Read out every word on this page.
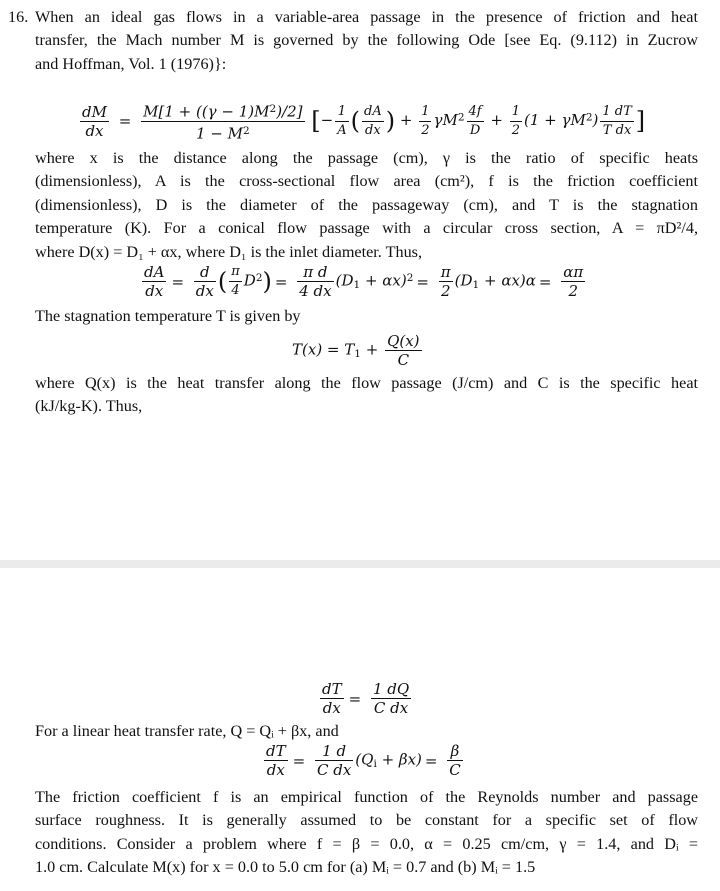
16. When an ideal gas flows in a variable-area passage in the presence of friction and heat
transfer, the Mach number M is governed by the following Ode [see Eq. (9.112) in Zucrow
and Hoffman, Vol. 1 (1976)}:
$\frac{dM}{dx} = \frac{M[1 + ((\gamma - 1)M^2)/2]}{1 - M^2}$ [− $\frac{1}{A}$ ( $\frac{dA}{dx}$ ) + $\frac{1}{2} \gamma M^2 \frac{4f}{D} + \frac{1}{2} (1 + \gamma M^2) \frac{1 dT}{\text{T dx}}$ ]
where x is the distance along the passage (cm), γ is the ratio of specific heats
(dimensionless), A is the cross-sectional flow area (cm²), f is the friction coefficient
(dimensionless), D is the diameter of the passageway (cm), and T is the stagnation
temperature (K). For a conical flow passage with a circular cross section, A = πD²/4,
where D(x) = D₁ + αx, where D₁ is the inlet diameter. Thus,
$\frac{dA}{dx} = \frac{d}{dx}$ ( $\frac{\pi}{4} D^2) = \frac{\text{π d}}{4 dx} (D_1 + \alpha x)^2 = \frac{\pi}{2} (D_1 + \alpha x)\alpha = \frac{\alpha\pi}{2}$
The stagnation temperature T is given by
$T(x) = T_1 + \frac{Q(x)}{C}$
where Q(x) is the heat transfer along the flow passage (J/cm) and C is the specific heat
(kJ/kg-K). Thus,
$\frac{dT}{dx} = \frac{1 dQ}{\text{C dx}}$
For a linear heat transfer rate, Q = Qᵢ + βx, and
$\frac{dT}{dx} = \frac{1 d}{\text{C dx}} (Q_i + \beta x) = \frac{\beta}{C}$
The friction coefficient f is an empirical function of the Reynolds number and passage
surface roughness. It is generally assumed to be constant for a specific set of flow
conditions. Consider a problem where f = β = 0.0, α = 0.25 cm/cm, γ = 1.4, and Dᵢ =
1.0 cm. Calculate M(x) for x = 0.0 to 5.0 cm for (a) Mᵢ = 0.7 and (b) Mᵢ = 1.5
